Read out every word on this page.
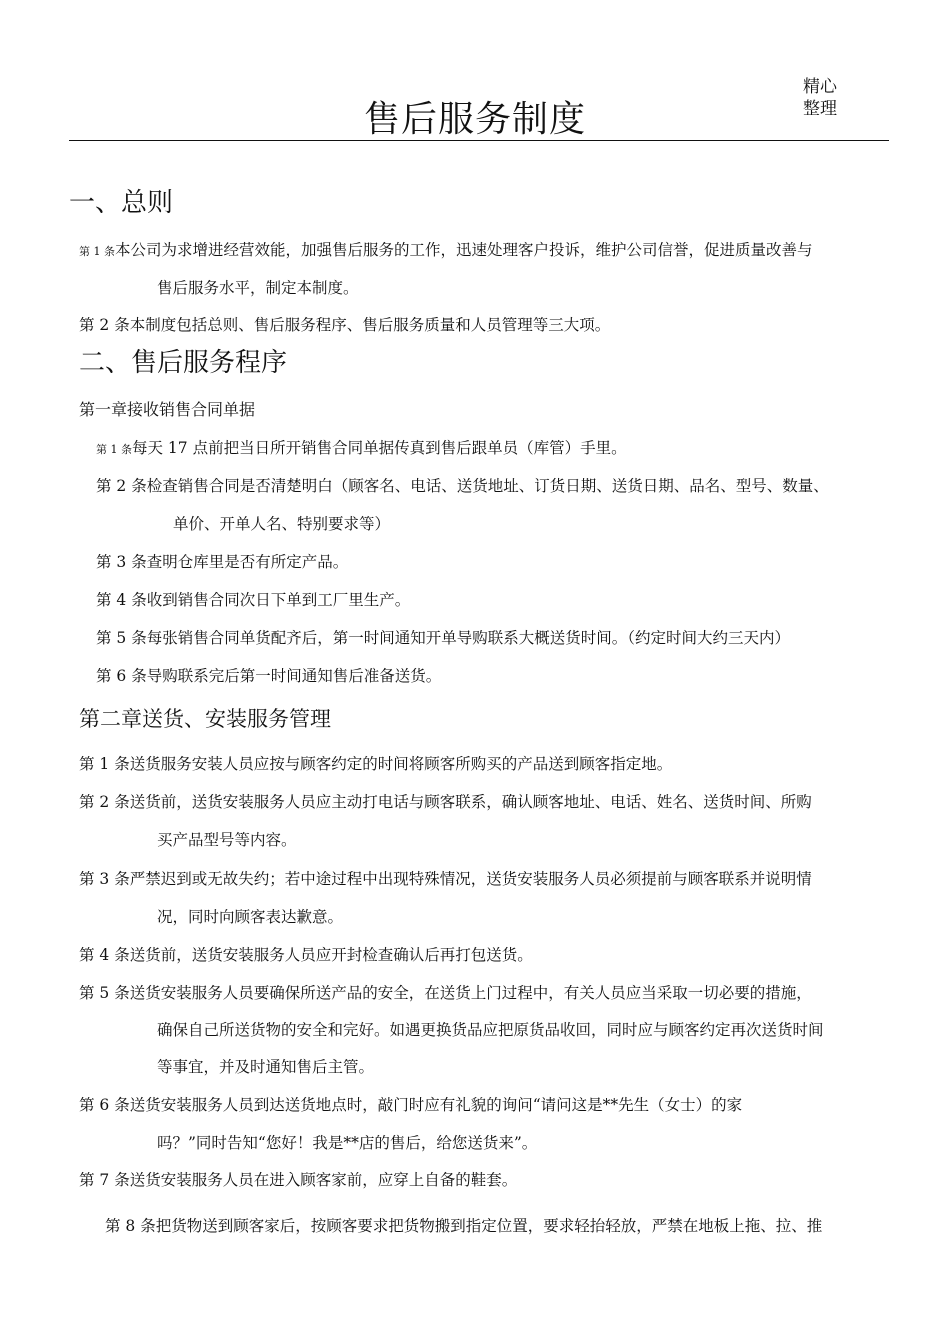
精心
整理
售后服务制度
一、总则
第 1 条本公司为求增进经营效能，加强售后服务的工作，迅速处理客户投诉，维护公司信誉，促进质量改善与
售后服务水平，制定本制度。
第 2 条本制度包括总则、售后服务程序、售后服务质量和人员管理等三大项。
二、售后服务程序
第一章接收销售合同单据
第 1 条每天 17 点前把当日所开销售合同单据传真到售后跟单员（库管）手里。
第 2 条检查销售合同是否清楚明白（顾客名、电话、送货地址、订货日期、送货日期、品名、型号、数量、
单价、开单人名、特别要求等）
第 3 条查明仓库里是否有所定产品。
第 4 条收到销售合同次日下单到工厂里生产。
第 5 条每张销售合同单货配齐后，第一时间通知开单导购联系大概送货时间。（约定时间大约三天内）
第 6 条导购联系完后第一时间通知售后准备送货。
第二章送货、安装服务管理
第 1 条送货服务安装人员应按与顾客约定的时间将顾客所购买的产品送到顾客指定地。
第 2 条送货前，送货安装服务人员应主动打电话与顾客联系，确认顾客地址、电话、姓名、送货时间、所购
买产品型号等内容。
第 3 条严禁迟到或无故失约；若中途过程中出现特殊情况，送货安装服务人员必须提前与顾客联系并说明情
况，同时向顾客表达歉意。
第 4 条送货前，送货安装服务人员应开封检查确认后再打包送货。
第 5 条送货安装服务人员要确保所送产品的安全，在送货上门过程中，有关人员应当采取一切必要的措施，
确保自己所送货物的安全和完好。如遇更换货品应把原货品收回，同时应与顾客约定再次送货时间
等事宜，并及时通知售后主管。
第 6 条送货安装服务人员到达送货地点时，敲门时应有礼貌的询问“请问这是**先生（女士）的家
吗？”同时告知“您好！我是**店的售后，给您送货来”。
第 7 条送货安装服务人员在进入顾客家前，应穿上自备的鞋套。
第 8 条把货物送到顾客家后，按顾客要求把货物搬到指定位置，要求轻抬轻放，严禁在地板上拖、拉、推
